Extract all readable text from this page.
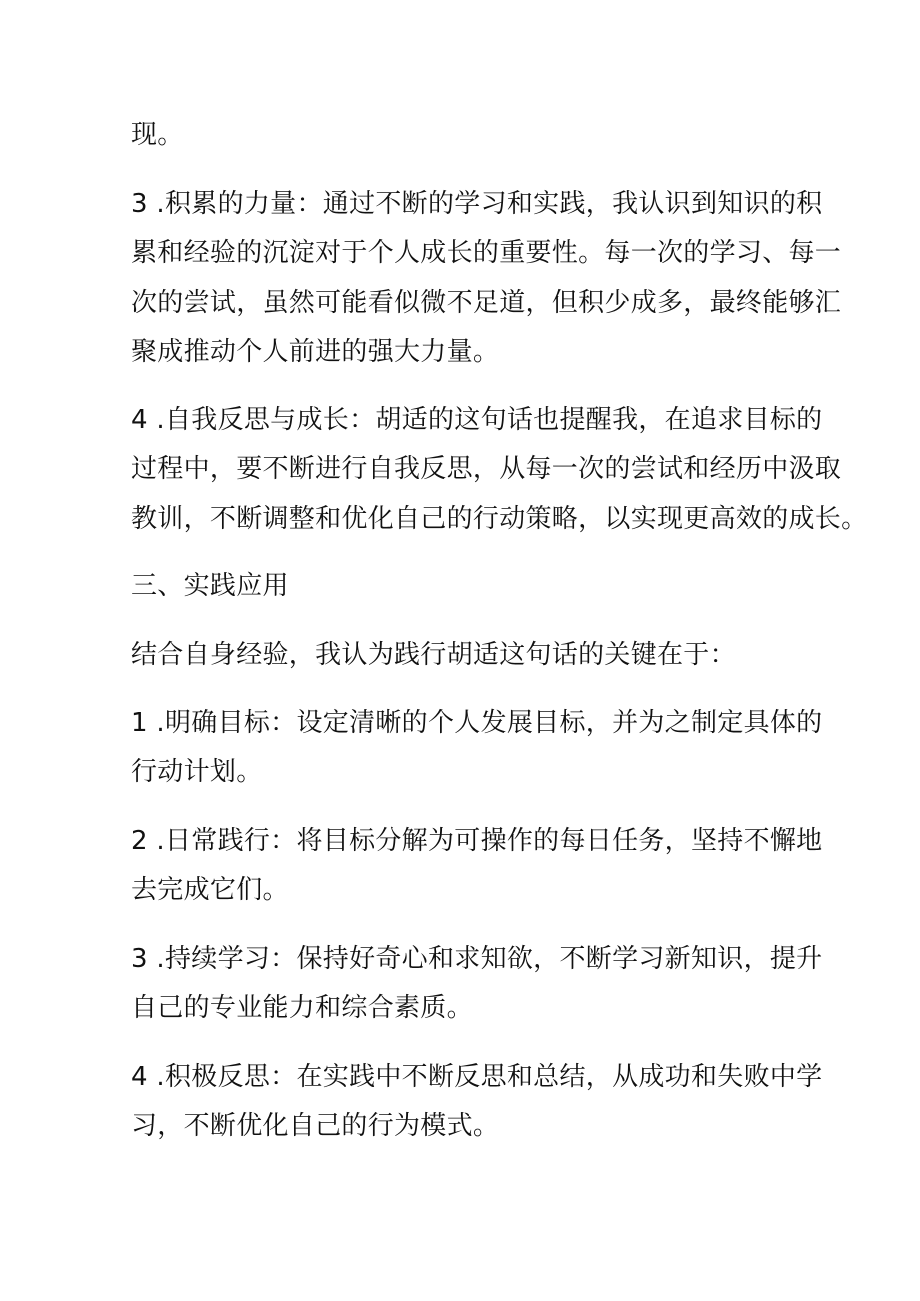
现。
3 .积累的力量：通过不断的学习和实践，我认识到知识的积
累和经验的沉淀对于个人成长的重要性。每一次的学习、每一
次的尝试，虽然可能看似微不足道，但积少成多，最终能够汇
聚成推动个人前进的强大力量。
4 .自我反思与成长：胡适的这句话也提醒我，在追求目标的
过程中，要不断进行自我反思，从每一次的尝试和经历中汲取
教训，不断调整和优化自己的行动策略，以实现更高效的成长。
三、实践应用
结合自身经验，我认为践行胡适这句话的关键在于：
1 .明确目标：设定清晰的个人发展目标，并为之制定具体的
行动计划。
2 .日常践行：将目标分解为可操作的每日任务，坚持不懈地
去完成它们。
3 .持续学习：保持好奇心和求知欲，不断学习新知识，提升
自己的专业能力和综合素质。
4 .积极反思：在实践中不断反思和总结，从成功和失败中学
习，不断优化自己的行为模式。
